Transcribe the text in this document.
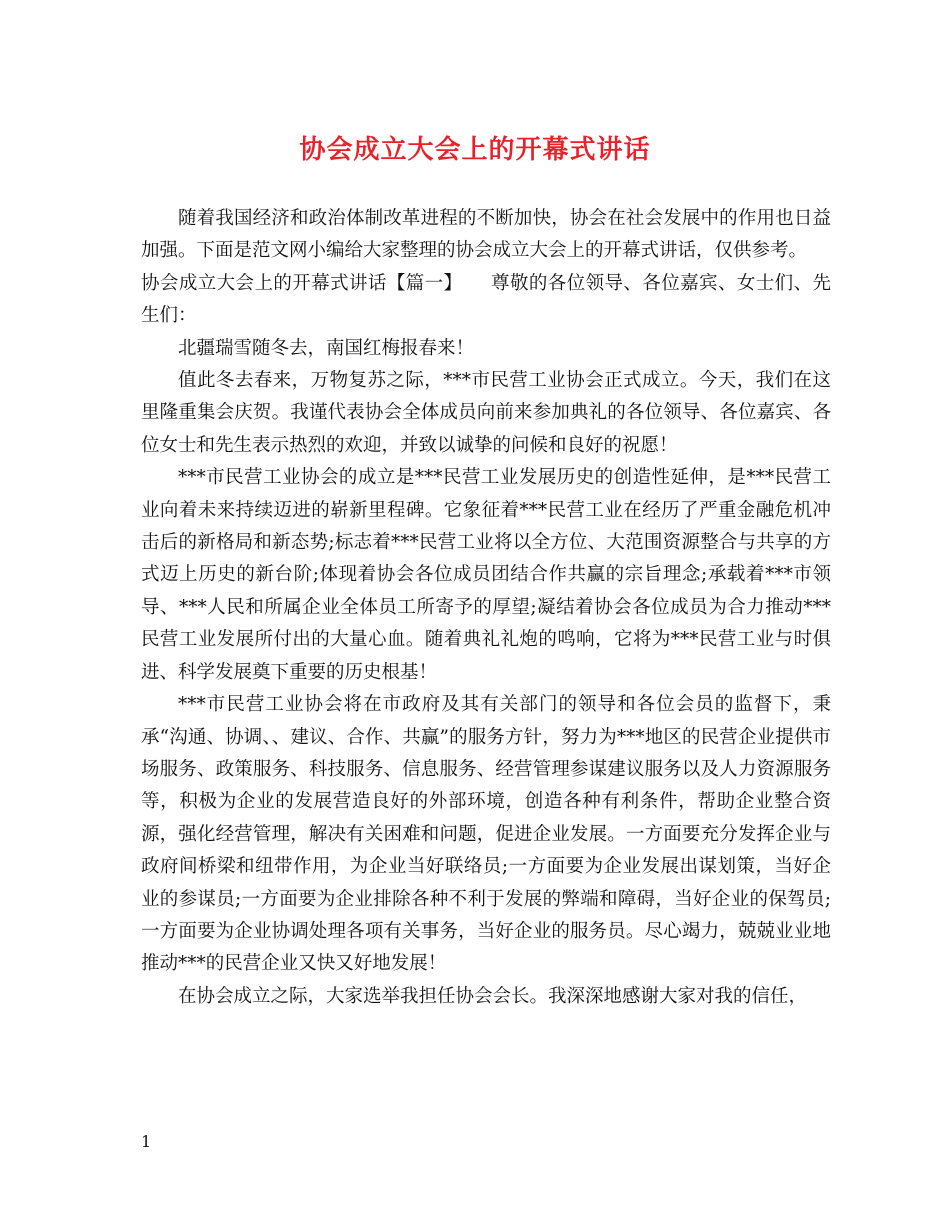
协会成立大会上的开幕式讲话

随着我国经济和政治体制改革进程的不断加快，协会在社会发展中的作用也日益加强。下面是范文网小编给大家整理的协会成立大会上的开幕式讲话，仅供参考。

协会成立大会上的开幕式讲话【篇一】　　尊敬的各位领导、各位嘉宾、女士们、先生们：

北疆瑞雪随冬去，南国红梅报春来！

值此冬去春来，万物复苏之际，***市民营工业协会正式成立。今天，我们在这里隆重集会庆贺。我谨代表协会全体成员向前来参加典礼的各位领导、各位嘉宾、各位女士和先生表示热烈的欢迎，并致以诚挚的问候和良好的祝愿！

***市民营工业协会的成立是***民营工业发展历史的创造性延伸，是***民营工业向着未来持续迈进的崭新里程碑。它象征着***民营工业在经历了严重金融危机冲击后的新格局和新态势;标志着***民营工业将以全方位、大范围资源整合与共享的方式迈上历史的新台阶;体现着协会各位成员团结合作共赢的宗旨理念;承载着***市领导、***人民和所属企业全体员工所寄予的厚望;凝结着协会各位成员为合力推动***民营工业发展所付出的大量心血。随着典礼礼炮的鸣响，它将为***民营工业与时俱进、科学发展奠下重要的历史根基！

***市民营工业协会将在市政府及其有关部门的领导和各位会员的监督下，秉承“沟通、协调、、建议、合作、共赢”的服务方针，努力为***地区的民营企业提供市场服务、政策服务、科技服务、信息服务、经营管理参谋建议服务以及人力资源服务等，积极为企业的发展营造良好的外部环境，创造各种有利条件，帮助企业整合资源，强化经营管理，解决有关困难和问题，促进企业发展。一方面要充分发挥企业与政府间桥梁和纽带作用，为企业当好联络员;一方面要为企业发展出谋划策，当好企业的参谋员;一方面要为企业排除各种不利于发展的弊端和障碍，当好企业的保驾员;一方面要为企业协调处理各项有关事务，当好企业的服务员。尽心竭力，兢兢业业地推动***的民营企业又快又好地发展！

在协会成立之际，大家选举我担任协会会长。我深深地感谢大家对我的信任，

1
